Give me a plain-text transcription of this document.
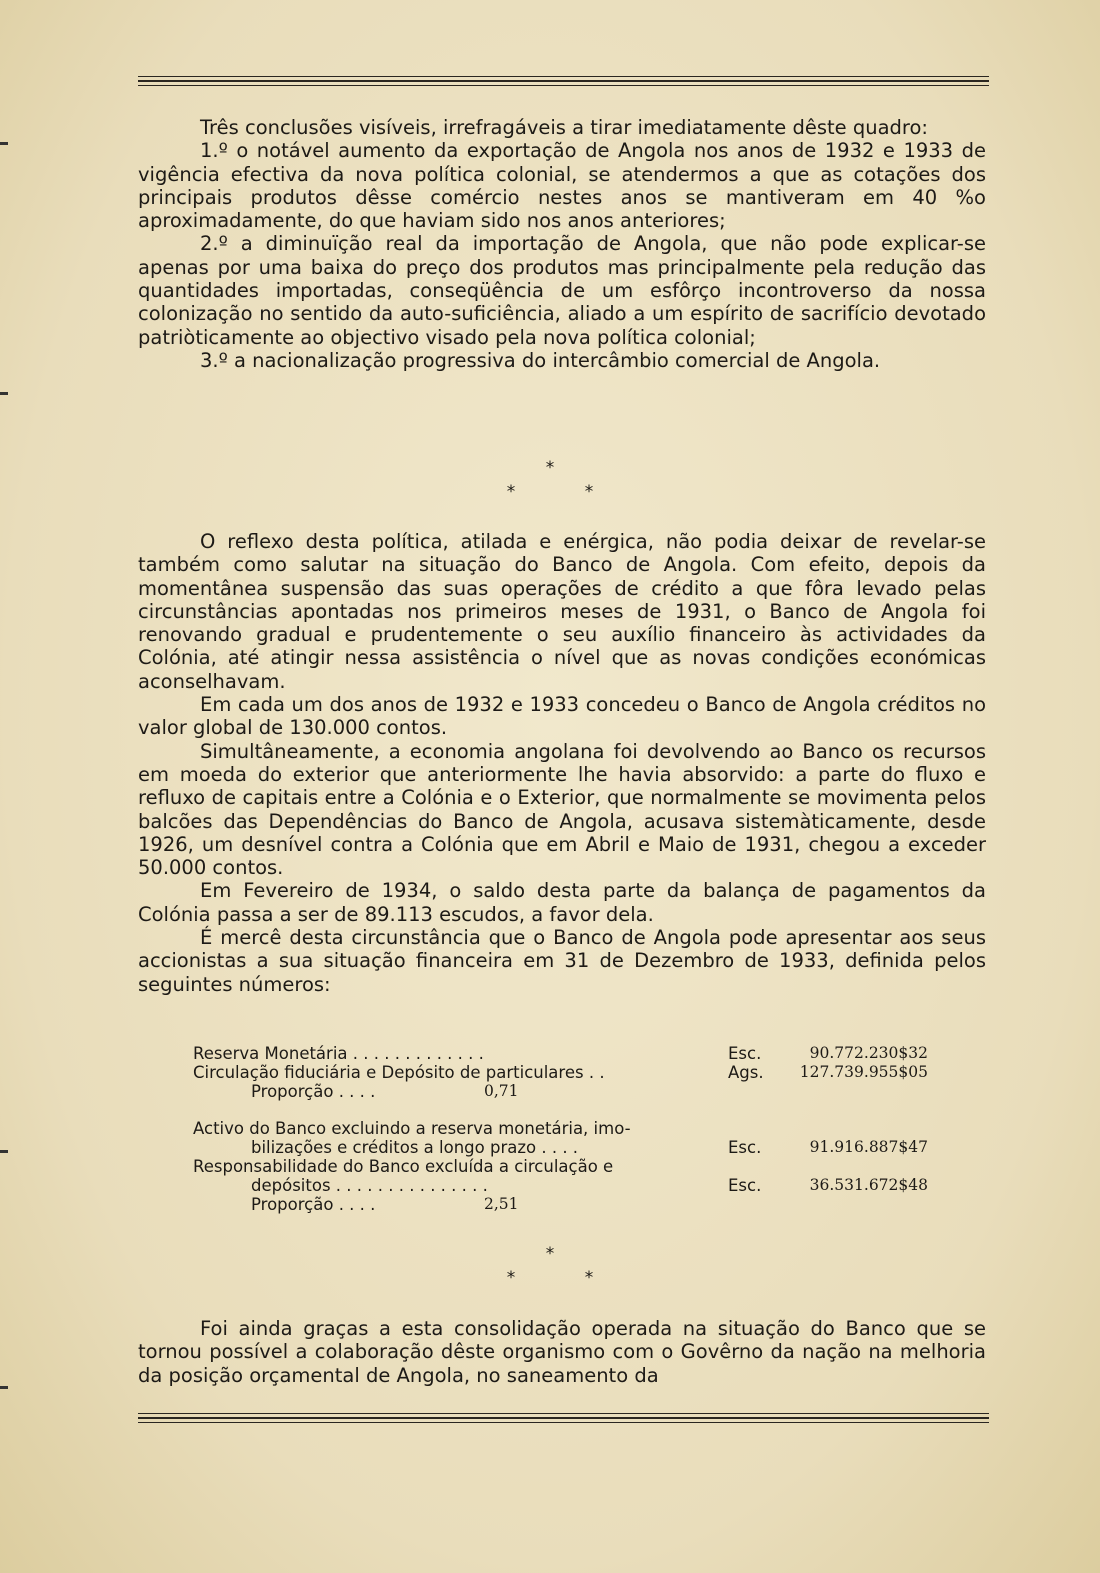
Três conclusões visíveis, irrefragáveis a tirar imediatamente dêste quadro:

1.º o notável aumento da exportação de Angola nos anos de 1932 e 1933 de vigência efectiva da nova política colonial, se atendermos a que as cotações dos principais produtos dêsse comércio nestes anos se mantiveram em 40 %o aproximadamente, do que haviam sido nos anos anteriores;

2.º a diminuïção real da importação de Angola, que não pode explicar-se apenas por uma baixa do preço dos produtos mas principalmente pela redução das quantidades importadas, conseqüência de um esfôrço incontroverso da nossa colonização no sentido da auto-suficiência, aliado a um espírito de sacrifício devotado patriòticamente ao objectivo visado pela nova política colonial;

3.º a nacionalização progressiva do intercâmbio comercial de Angola.

*
*	*

O reflexo desta política, atilada e enérgica, não podia deixar de revelar-se também como salutar na situação do Banco de Angola. Com efeito, depois da momentânea suspensão das suas operações de crédito a que fôra levado pelas circunstâncias apontadas nos primeiros meses de 1931, o Banco de Angola foi renovando gradual e prudentemente o seu auxílio financeiro às actividades da Colónia, até atingir nessa assistência o nível que as novas condições económicas aconselhavam.

Em cada um dos anos de 1932 e 1933 concedeu o Banco de Angola créditos no valor global de 130.000 contos.

Simultâneamente, a economia angolana foi devolvendo ao Banco os recursos em moeda do exterior que anteriormente lhe havia absorvido: a parte do fluxo e refluxo de capitais entre a Colónia e o Exterior, que normalmente se movimenta pelos balcões das Dependências do Banco de Angola, acusava sistemàticamente, desde 1926, um desnível contra a Colónia que em Abril e Maio de 1931, chegou a exceder 50.000 contos.

Em Fevereiro de 1934, o saldo desta parte da balança de pagamentos da Colónia passa a ser de 89.113 escudos, a favor dela.

É mercê desta circunstância que o Banco de Angola pode apresentar aos seus accionistas a sua situação financeira em 31 de Dezembro de 1933, definida pelos seguintes números:

Reserva Monetária . . . . . . . . . . . . .	Esc.	90.772.230$32
Circulação fiduciária e Depósito de particulares . .	Ags. 127.739.955$05
Proporção . . . .	0,71
Activo do Banco excluindo a reserva monetária, imo-
bilizações e créditos a longo prazo . . . .	Esc.	91.916.887$47
Responsabilidade do Banco excluída a circulação e
depósitos . . . . . . . . . . . . . . .	Esc.	36.531.672$48
Proporção . . . .	2,51
*
*	*

Foi ainda graças a esta consolidação operada na situação do Banco que se tornou possível a colaboração dêste organismo com o Govêrno da nação na melhoria da posição orçamental de Angola, no saneamento da
